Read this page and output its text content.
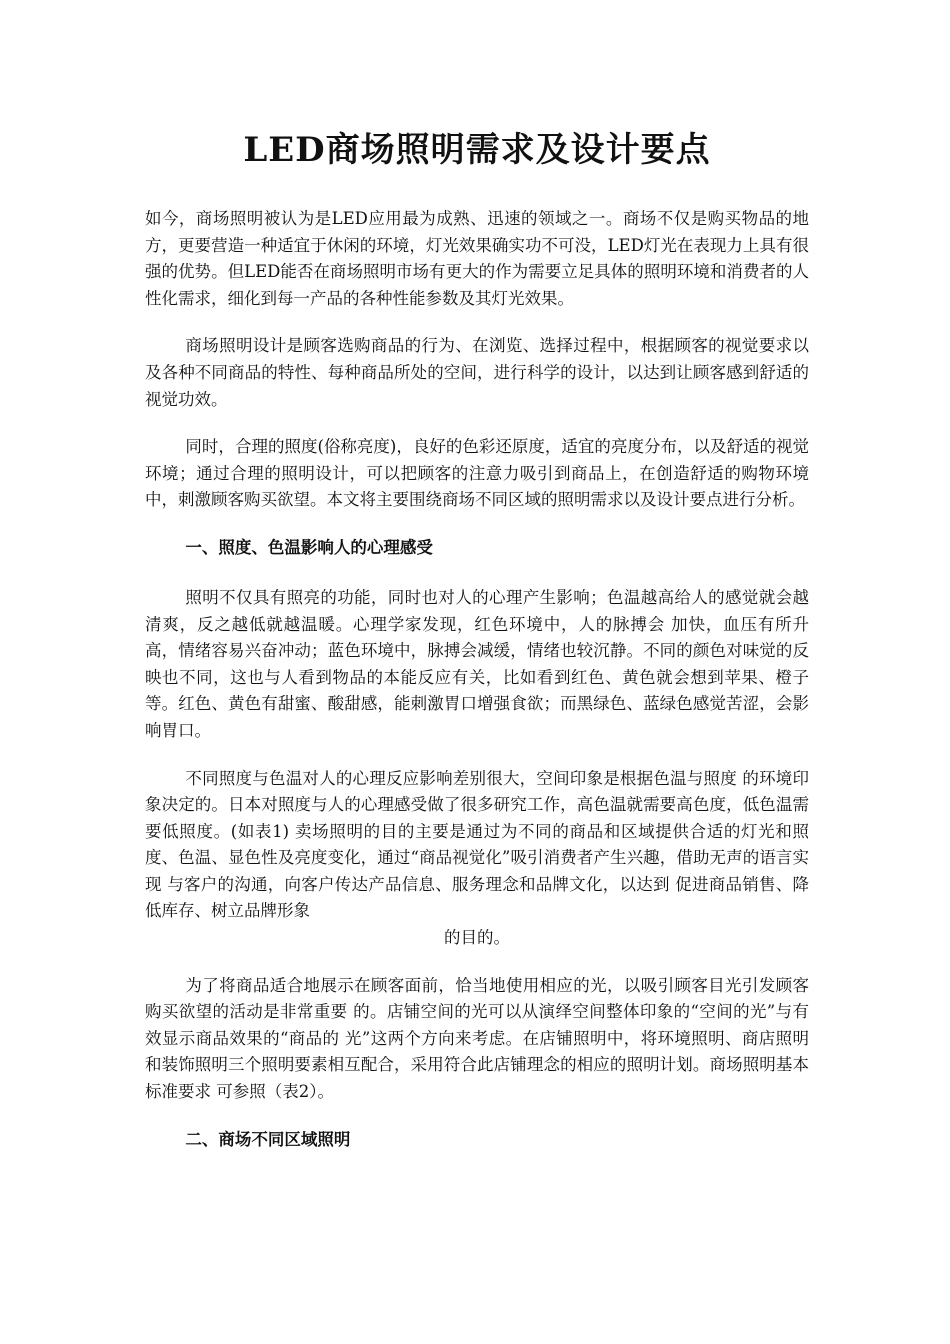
LED商场照明需求及设计要点

如今，商场照明被认为是LED应用最为成熟、迅速的领域之一。商场不仅是购买物品的地方，更要营造一种适宜于休闲的环境，灯光效果确实功不可没，LED灯光在表现力上具有很强的优势。但LED能否在商场照明市场有更大的作为需要立足具体的照明环境和消费者的人性化需求，细化到每一产品的各种性能参数及其灯光效果。

商场照明设计是顾客选购商品的行为、在浏览、选择过程中，根据顾客的视觉要求以及各种不同商品的特性、每种商品所处的空间，进行科学的设计，以达到让顾客感到舒适的视觉功效。

同时，合理的照度(俗称亮度)，良好的色彩还原度，适宜的亮度分布，以及舒适的视觉环境；通过合理的照明设计，可以把顾客的注意力吸引到商品上，在创造舒适的购物环境中，刺激顾客购买欲望。本文将主要围绕商场不同区域的照明需求以及设计要点进行分析。

一、照度、色温影响人的心理感受

照明不仅具有照亮的功能，同时也对人的心理产生影响；色温越高给人的感觉就会越清爽，反之越低就越温暖。心理学家发现，红色环境中，人的脉搏会 加快，血压有所升高，情绪容易兴奋冲动；蓝色环境中，脉搏会减缓，情绪也较沉静。不同的颜色对味觉的反映也不同，这也与人看到物品的本能反应有关，比如看到红色、黄色就会想到苹果、橙子等。红色、黄色有甜蜜、酸甜感，能刺激胃口增强食欲；而黑绿色、蓝绿色感觉苦涩，会影响胃口。

不同照度与色温对人的心理反应影响差别很大，空间印象是根据色温与照度 的环境印象决定的。日本对照度与人的心理感受做了很多研究工作，高色温就需要高色度，低色温需要低照度。(如表1) 卖场照明的目的主要是通过为不同的商品和区域提供合适的灯光和照度、色温、显色性及亮度变化，通过“商品视觉化”吸引消费者产生兴趣，借助无声的语言实现 与客户的沟通，向客户传达产品信息、服务理念和品牌文化，以达到 促进商品销售、降低库存、树立品牌形象

的目的。

为了将商品适合地展示在顾客面前，恰当地使用相应的光，以吸引顾客目光引发顾客购买欲望的活动是非常重要 的。店铺空间的光可以从演绎空间整体印象的“空间的光”与有效显示商品效果的“商品的 光”这两个方向来考虑。在店铺照明中，将环境照明、商店照明和装饰照明三个照明要素相互配合，采用符合此店铺理念的相应的照明计划。商场照明基本标准要求 可参照（表2）。

二、商场不同区域照明
